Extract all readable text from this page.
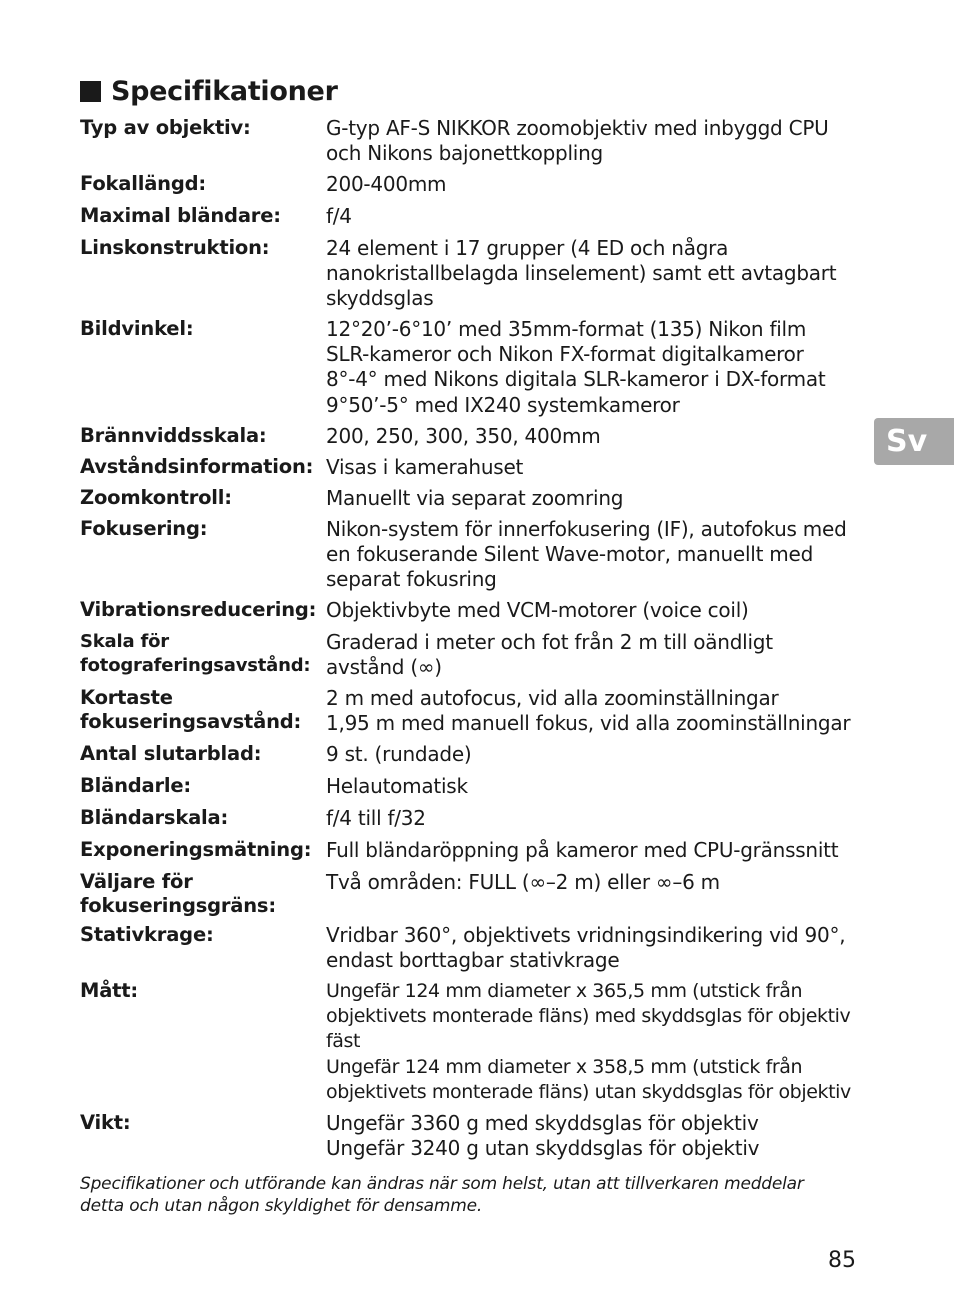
Specifikationer
Typ av objektiv:	G-typ AF-S NIKKOR zoomobjektiv med inbyggd CPU
och Nikons bajonettkoppling
Fokallängd:	200-400mm
Maximal bländare:	f/4
Linskonstruktion:	24 element i 17 grupper (4 ED och några
nanokristallbelagda linselement) samt ett avtagbart
skyddsglas
Bildvinkel:	12°20’-6°10’ med 35mm-format (135) Nikon film
SLR-kameror och Nikon FX-format digitalkameror
8°-4° med Nikons digitala SLR-kameror i DX-format
9°50’-5° med IX240 systemkameror
Brännviddsskala:	200, 250, 300, 350, 400mm
Avståndsinformation: Visas i kamerahuset
Zoomkontroll:	Manuellt via separat zoomring
Fokusering:	Nikon-system för innerfokusering (IF), autofokus med
en fokuserande Silent Wave-motor, manuellt med
separat fokusring
Vibrationsreducering: Objektivbyte med VCM-motorer (voice coil)
Skala för
fotograferingsavstånd:
Graderad i meter och fot från 2 m till oändligt
avstånd (∞)
Kortaste
fokuseringsavstånd:
2 m med autofocus, vid alla zoominställningar
1,95 m med manuell fokus, vid alla zoominställningar
Antal slutarblad:	9 st. (rundade)
Bländarle:	Helautomatisk
Bländarskala:	f/4 till f/32
Exponeringsmätning: Full bländaröppning på kameror med CPU-gränssnitt
Väljare för
fokuseringsgräns:
Två områden: FULL (∞–2 m) eller ∞–6 m
Stativkrage:	Vridbar 360°, objektivets vridningsindikering vid 90°,
endast borttagbar stativkrage
Mått:	Ungefär 124 mm diameter x 365,5 mm (utstick från
objektivets monterade fläns) med skyddsglas för objektiv
fäst
Ungefär 124 mm diameter x 358,5 mm (utstick från
objektivets monterade fläns) utan skyddsglas för objektiv
Vikt:	Ungefär 3360 g med skyddsglas för objektiv
Ungefär 3240 g utan skyddsglas för objektiv
Specifikationer och utförande kan ändras när som helst, utan att tillverkaren meddelar
detta och utan någon skyldighet för densamme.
Sv
85
